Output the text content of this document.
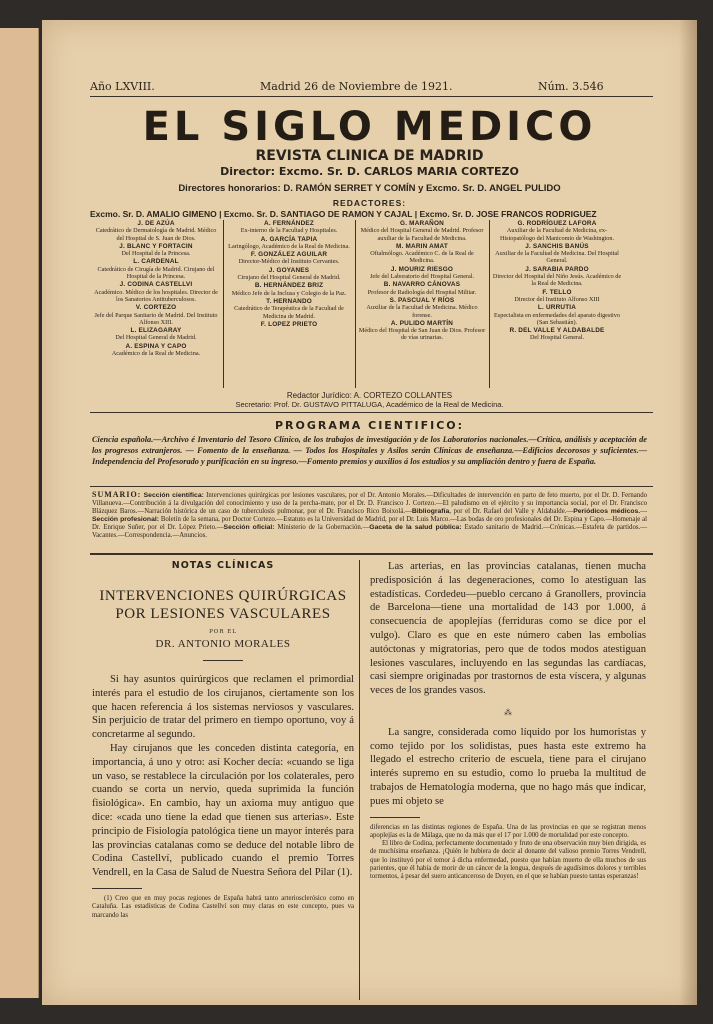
Año LXVIII.	Madrid 26 de Noviembre de 1921.	Núm. 3.546
EL SIGLO MEDICO
REVISTA CLINICA DE MADRID
Director: Excmo. Sr. D. CARLOS MARIA CORTEZO
Directores honorarios: D. RAMÓN SERRET Y COMÍN y Excmo. Sr. D. ANGEL PULIDO
REDACTORES:
Excmo. Sr. D. AMALIO GIMENO | Excmo. Sr. D. SANTIAGO DE RAMON Y CAJAL | Excmo. Sr. D. JOSE FRANCOS RODRIGUEZ
J. DE AZÚA
Catedrático de Dermatología de Madrid. Médico del Hospital de S. Juan de Dios.
J. BLANC Y FORTACIN
Del Hospital de la Princesa.
L. CARDENAL
Catedrático de Cirugía de Madrid. Cirujano del Hospital de la Princesa.
J. CODINA CASTELLVI
Académico. Médico de los hospitales. Director de los Sanatorios Antituberculosos.
V. CORTEZO
Jefe del Parque Sanitario de Madrid. Del Instituto Alfonso XIII.
L. ELIZAGARAY
Del Hospital General de Madrid.
A. ESPINA Y CAPO
Académico de la Real de Medicina.
A. FERNÁNDEZ
Ex-interno de la Facultad y Hospitales.
A. GARCÍA TAPIA
Laringólogo, Académico de la Real de Medicina.
F. GONZÁLEZ AGUILAR
Director-Médico del Instituto Cervantes.
J. GOYANES
Cirujano del Hospital General de Madrid.
B. HERNÁNDEZ BRIZ
Médico Jefe de la Inclusa y Colegio de la Paz.
T. HERNANDO
Catedrático de Terapéutica de la Facultad de Medicina de Madrid.
F. LOPEZ PRIETO
G. MARAÑON
Médico del Hospital General de Madrid. Profesor auxiliar de la Facultad de Medicina.
M. MARIN AMAT
Oftalmólogo. Académico C. de la Real de Medicina.
J. MOURIZ RIESGO
Jefe del Laboratorio del Hospital General.
B. NAVARRO CÁNOVAS
Profesor de Radiología del Hospital Militar.
S. PASCUAL Y RÍOS
Auxiliar de la Facultad de Medicina. Médico forense.
A. PULIDO MARTÍN
Médico del Hospital de San Juan de Dios. Profesor de vías urinarias.
G. RODRÍGUEZ LAFORA
Auxiliar de la Facultad de Medicina, ex-Histopatólogo del Manicomio de Washington.
J. SANCHIS BANÚS
Auxiliar de la Facultad de Medicina. Del Hospital General.
J. SARABIA PARDO
Director del Hospital del Niño Jesús. Académico de la Real de Medicina.
F. TELLO
Director del Instituto Alfonso XIII
L. URRUTIA
Especialista en enfermedades del aparato digestivo (San Sebastián).
R. DEL VALLE Y ALDABALDE
Del Hospital General.
Redactor Jurídico: A. CORTEZO COLLANTES
Secretario: Prof. Dr. GUSTAVO PITTALUGA, Académico de la Real de Medicina.
PROGRAMA CIENTIFICO:
Ciencia española.—Archivo é Inventario del Tesoro Clínico, de los trabajos de investigación y de los Laboratorios nacionales.—Crítica, análisis y aceptación de los progresos extranjeros. — Fomento de la enseñanza. — Todos los Hospitales y Asilos serán Clínicas de enseñanza.—Edificios decorosos y suficientes.—Independencia del Profesorado y purificación en su ingreso.—Fomento premios y auxilios á los estudios y su ampliación dentro y fuera de España.
SUMARIO: Sección científica: Intervenciones quirúrgicas por lesiones vasculares, por el Dr. Antonio Morales.—Dificultades de intervención en parto de feto muerto, por el Dr. D. Fernando Villanueva.—Contribución á la divulgación del conocimiento y uso de la percha-mate, por el Dr. D. Francisco J. Cortezo.—El paludismo en el ejército y su importancia social, por el Dr. Francisco Blázquez Baros.—Narración histórica de un caso de tuberculosis pulmonar, por el Dr. Francisco Rico Boixolá.—Bibliografía, por el Dr. Rafael del Valle y Aldabalde.—Periódicos médicos.—Sección profesional: Boletín de la semana, por Doctor Cortezo.—Estatuto es la Universidad de Madrid, por el Dr. Luis Marco.—Las bodas de oro profesionales del Dr. Espina y Capo.—Homenaje al Dr. Enrique Suñer, por el Dr. López Prieto.—Sección oficial: Ministerio de la Gobernación.—Gaceta de la salud pública: Estado sanitario de Madrid.—Crónicas.—Estafeta de partidos.—Vacantes.—Correspondencia.—Anuncios.
NOTAS CLÍNICAS
INTERVENCIONES QUIRÚRGICAS POR LESIONES VASCULARES
POR EL
DR. ANTONIO MORALES

Si hay asuntos quirúrgicos que reclamen el primordial interés para el estudio de los cirujanos, ciertamente son los que hacen referencia á los sistemas nerviosos y vasculares. Sin perjuicio de tratar del primero en tiempo oportuno, voy á concretarme al segundo.

Hay cirujanos que les conceden distinta categoría, en importancia, á uno y otro: así Kocher decía: «cuando se liga un vaso, se restablece la circulación por los colaterales, pero cuando se corta un nervio, queda suprimida la función fisiológica». En cambio, hay un axioma muy antiguo que dice: «cada uno tiene la edad que tienen sus arterias». Este principio de Fisiología patológica tiene un mayor interés para las provincias catalanas como se deduce del notable libro de Codina Castellví, publicado cuando el premio Torres Vendrell, en la Casa de Salud de Nuestra Señora del Pilar (1).

(1) Creo que en muy pocas regiones de España habrá tanto arteriosclerósico como en Cataluña. Las estadísticas de Codina Castellví son muy claras en este concepto, pues va marcando las

Las arterias, en las provincias catalanas, tienen mucha predisposición á las degeneraciones, como lo atestiguan las estadísticas. Cordedeu—pueblo cercano á Granollers, provincia de Barcelona—tiene una mortalidad de 143 por 1.000, á consecuencia de apoplejías (ferriduras como se dice por el vulgo). Claro es que en este número caben las embolias autóctonas y migratorias, pero que de todos modos atestiguan lesiones vasculares, incluyendo en las segundas las cardíacas, casi siempre originadas por trastornos de esta víscera, y algunas veces de los grandes vasos.

⁂

La sangre, considerada como líquido por los humoristas y como tejido por los solidistas, pues hasta este extremo ha llegado el estrecho criterio de escuela, tiene para el cirujano interés supremo en su estudio, como lo prueba la multitud de trabajos de Hematología moderna, que no hago más que indicar, pues mi objeto se

diferencias en las distintas regiones de España. Una de las provincias en que se registran menos apoplejías es la de Málaga, que no da más que el 17 por 1.000 de mortalidad por este concepto.

El libro de Codina, perfectamente documentado y fruto de una observación muy bien dirigida, es de muchísima enseñanza. ¡Quién le hubiera de decir al donante del valioso premio Torres Vendrell, que lo instituyó por el temor á dicha enfermedad, puesto que habían muerto de ella muchos de sus parientes, que él había de morir de un cáncer de la lengua, después de agudísimos dolores y terribles tormentos, á pesar del suero anticanceroso de Doyen, en el que se habían puesto tantas esperanzas!
